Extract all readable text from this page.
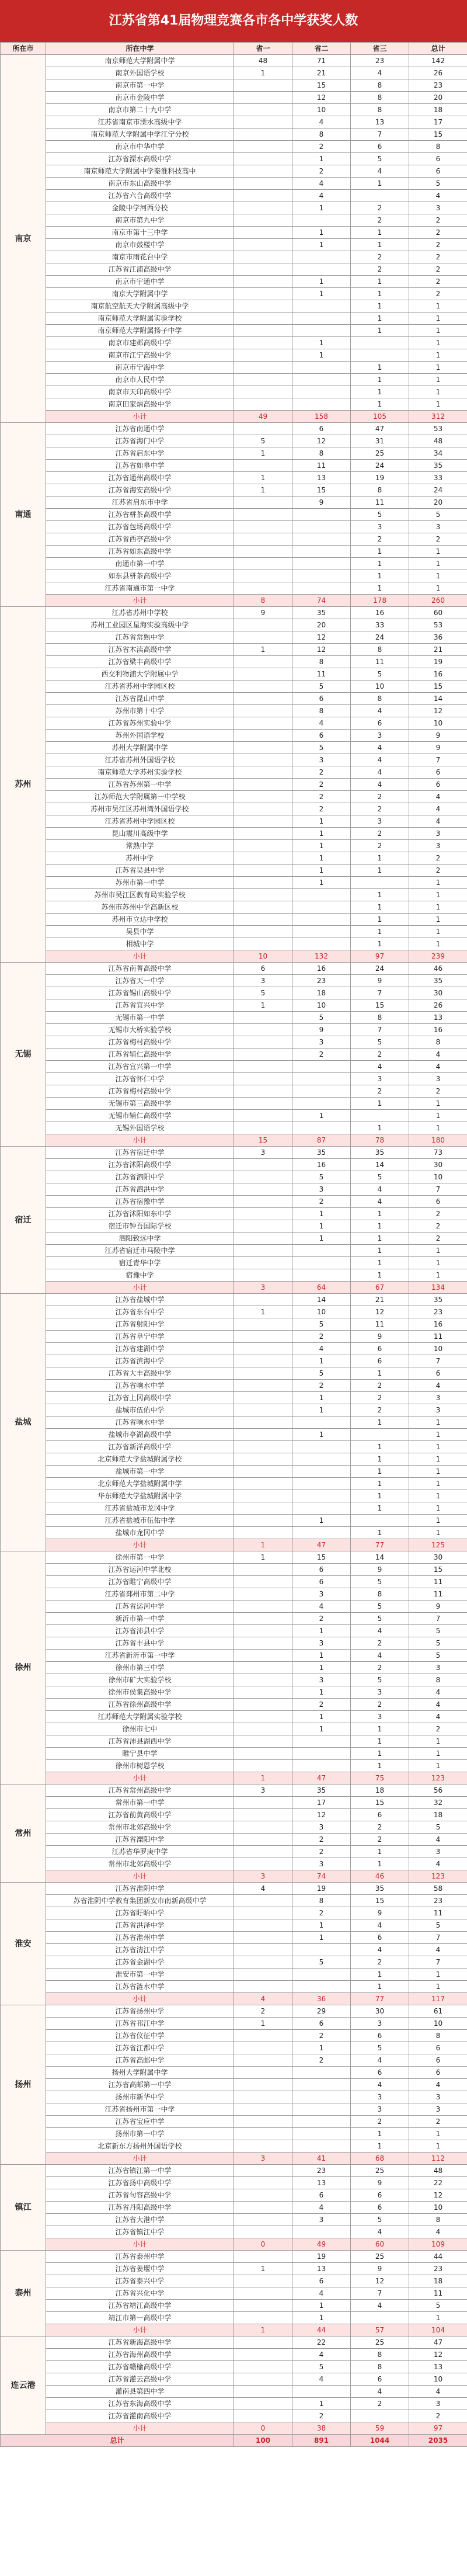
江苏省第41届物理竞赛各市各中学获奖人数
所在市	所在中学	省一	省二	省三	总计
南京	南京师范大学附属中学	48	71	23	142
	南京外国语学校	1	21	4	26
	南京市第一中学		15	8	23
	南京市金陵中学		12	8	20
	南京市第二十九中学		10	8	18
	江苏省南京市溧水高级中学		4	13	17
	南京师范大学附属中学江宁分校		8	7	15
	南京市中华中学		2	6	8
	江苏省溧水高级中学		1	5	6
	南京师范大学附属中学秦淮科技高中		2	4	6
	南京市东山高级中学		4	1	5
	江苏省六合高级中学		4		4
	金陵中学河西分校		1	2	3
	南京市第九中学			2	2
	南京市第十三中学		1	1	2
	南京市鼓楼中学		1	1	2
	南京市雨花台中学			2	2
	江苏省江浦高级中学			2	2
	南京市宇通中学		1	1	2
	南京大学附属中学		1	1	2
	南京航空航天大学附属高级中学			1	1
	南京师范大学附属实验学校			1	1
	南京师范大学附属扬子中学			1	1
	南京市建邺高级中学		1		1
	南京市江宁高级中学		1		1
	南京市宁海中学			1	1
	南京市人民中学			1	1
	南京市天印高级中学			1	1
	南京田家炳高级中学			1	1
	小计	49	158	105	312
南通	江苏省南通中学		6	47	53
	江苏省海门中学	5	12	31	48
	江苏省启东中学	1	8	25	34
	江苏省如皋中学		11	24	35
	江苏省通州高级中学	1	13	19	33
	江苏省海安高级中学	1	15	8	24
	江苏省启东市中学		9	11	20
	江苏省栟茶高级中学			5	5
	江苏省包场高级中学			3	3
	江苏省西亭高级中学			2	2
	江苏省如东高级中学			1	1
	南通市第一中学			1	1
	如东县栟茶高级中学			1	1
	江苏省南通市第一中学			1	1
	小计	8	74	178	260
苏州	江苏省苏州中学校	9	35	16	60
	苏州工业园区星海实验高级中学		20	33	53
	江苏省常熟中学		12	24	36
	江苏省木渎高级中学	1	12	8	21
	江苏省梁丰高级中学		8	11	19
	西交利物浦大学附属中学		11	5	16
	江苏省苏州中学园区校		5	10	15
	江苏省昆山中学		6	8	14
	苏州市第十中学		8	4	12
	江苏省苏州实验中学		4	6	10
	苏州外国语学校		6	3	9
	苏州大学附属中学		5	4	9
	江苏省苏州外国语学校		3	4	7
	南京师范大学苏州实验学校		2	4	6
	江苏省苏州第一中学		2	4	6
	江苏师范大学附属第一中学校		2	2	4
	苏州市吴江区苏州湾外国语学校		2	2	4
	江苏省苏州中学园区校		1	3	4
	昆山震川高级中学		1	2	3
	常熟中学		1	2	3
	苏州中学		1	1	2
	江苏省吴县中学		1	1	2
	苏州市第一中学		1		1
	苏州市吴江区教育局实验学校			1	1
	苏州市苏州中学高新区校			1	1
	苏州市立达中学校			1	1
	吴县中学			1	1
	相城中学			1	1
	小计	10	132	97	239
无锡	江苏省南菁高级中学	6	16	24	46
	江苏省天一中学	3	23	9	35
	江苏省锡山高级中学	5	18	7	30
	江苏省宜兴中学	1	10	15	26
	无锡市第一中学		5	8	13
	无锡市大桥实验学校		9	7	16
	江苏省梅村高级中学		3	5	8
	江苏省辅仁高级中学		2	2	4
	江苏省宜兴第一中学			4	4
	江苏省怀仁中学			3	3
	江苏省梅村高级中学			2	2
	无锡市第三高级中学			1	1
	无锡市辅仁高级中学		1		1
	无锡外国语学校			1	1
	小计	15	87	78	180
宿迁	江苏省宿迁中学	3	35	35	73
	江苏省沭阳高级中学		16	14	30
	江苏省泗阳中学		5	5	10
	江苏省泗洪中学		3	4	7
	江苏省宿豫中学		2	4	6
	江苏省沭阳如东中学		1	1	2
	宿迁市钟吾国际学校		1	1	2
	泗阳致远中学		1	1	2
	江苏省宿迁市马陵中学			1	1
	宿迁青华中学			1	1
	宿豫中学			1	1
	小计	3	64	67	134
盐城	江苏省盐城中学		14	21	35
	江苏省东台中学	1	10	12	23
	江苏省射阳中学		5	11	16
	江苏省阜宁中学		2	9	11
	江苏省建湖中学		4	6	10
	江苏省滨海中学		1	6	7
	江苏省大丰高级中学		5	1	6
	江苏省响水中学		2	2	4
	江苏省上冈高级中学		1	2	3
	盐城市伍佑中学		1	2	3
	江苏省响水中学			1	1
	盐城市亭湖高级中学		1		1
	江苏省新洋高级中学			1	1
	北京师范大学盐城附属学校			1	1
	盐城市第一中学			1	1
	北京师范大学盐城附属中学			1	1
	华东师范大学盐城附属中学			1	1
	江苏省盐城市龙冈中学			1	1
	江苏省盐城市伍佑中学		1		1
	盐城市龙冈中学			1	1
	小计	1	47	77	125
徐州	徐州市第一中学	1	15	14	30
	江苏省运河中学北校		6	9	15
	江苏省睢宁高级中学		6	5	11
	江苏省邳州市第二中学		3	8	11
	江苏省运河中学		4	5	9
	新沂市第一中学		2	5	7
	江苏省沛县中学		1	4	5
	江苏省丰县中学		3	2	5
	江苏省新沂市第一中学		1	4	5
	徐州市第三中学		1	2	3
	徐州市矿大实验学校		3	5	8
	徐州市侯集高级中学		1	3	4
	江苏省徐州高级中学		2	2	4
	江苏师范大学附属实验学校		1	3	4
	徐州市七中		1	1	2
	江苏省沛县湖西中学			1	1
	睢宁县中学			1	1
	徐州市树恩学校			1	1
	小计	1	47	75	123
常州	江苏省常州高级中学	3	35	18	56
	常州市第一中学		17	15	32
	江苏省前黄高级中学		12	6	18
	常州市北郊高级中学		3	2	5
	江苏省溧阳中学		2	2	4
	江苏省华罗庚中学		2	1	3
	常州市北郊高级中学		3	1	4
	小计	3	74	46	123
淮安	江苏省淮阴中学	4	19	35	58
	苏省淮阴中学教育集团新安市南新高级中学		8	15	23
	江苏省盱眙中学		2	9	11
	江苏省洪泽中学		1	4	5
	江苏省淮州中学		1	6	7
	江苏省清江中学			4	4
	江苏省金湖中学		5	2	7
	淮安市第一中学			1	1
	江苏省涟水中学			1	1
	小计	4	36	77	117
扬州	江苏省扬州中学	2	29	30	61
	江苏省邗江中学	1	6	3	10
	江苏省仪征中学		2	6	8
	江苏省江都中学		1	5	6
	江苏省高邮中学		2	4	6
	扬州大学附属中学			6	6
	江苏省高邮第一中学			4	4
	扬州市新华中学			3	3
	江苏省扬州市第一中学			3	3
	江苏省宝应中学			2	2
	扬州市第一中学			1	1
	北京新东方扬州外国语学校			1	1
	小计	3	41	68	112
镇江	江苏省镇江第一中学		23	25	48
	江苏省扬中高级中学		13	9	22
	江苏省句容高级中学		6	6	12
	江苏省丹阳高级中学		4	6	10
	江苏省大港中学		3	5	8
	江苏省镇江中学			4	4
	小计	0	49	60	109
泰州	江苏省泰州中学		19	25	44
	江苏省姜堰中学	1	13	9	23
	江苏省泰兴中学		6	12	18
	江苏省兴化中学		4	7	11
	江苏省靖江高级中学		1	4	5
	靖江市第一高级中学		1		1
	小计	1	44	57	104
连云港	江苏省新海高级中学		22	25	47
	江苏省海州高级中学		4	8	12
	江苏省赣榆高级中学		5	8	13
	江苏省灌云高级中学		4	6	10
	灌南县第四中学			4	4
	江苏省东海高级中学		1	2	3
	江苏省灌南高级中学		2		2
	小计	0	38	59	97
总计		100	891	1044	2035
